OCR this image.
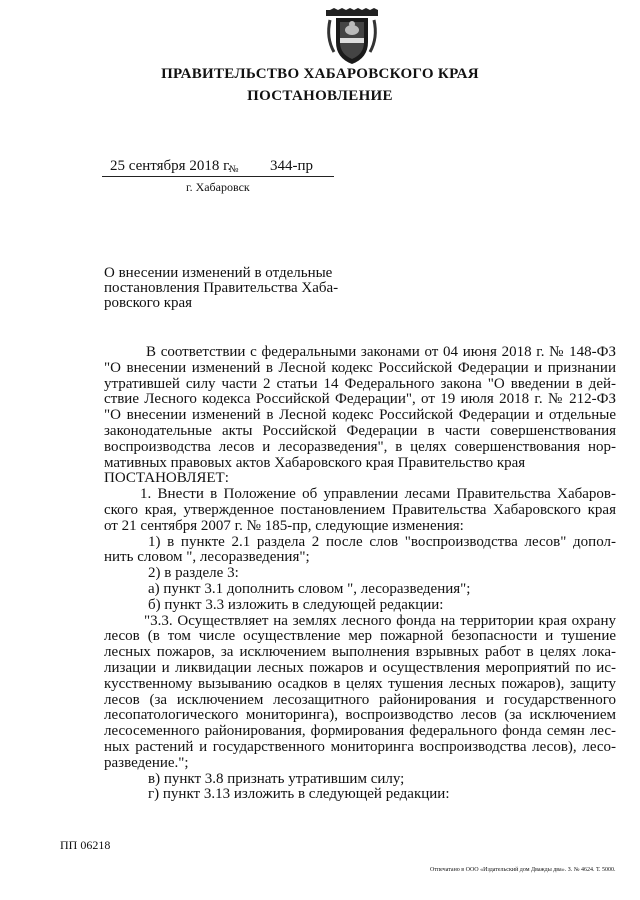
ПРАВИТЕЛЬСТВО ХАБАРОВСКОГО КРАЯ
ПОСТАНОВЛЕНИЕ
25 сентября 2018 г.
№ 344-пр
г. Хабаровск
О внесении изменений в отдельные
постановления Правительства Хаба-
ровского края
В соответствии с федеральными законами от 04 июня 2018 г. № 148-ФЗ
"О внесении изменений в Лесной кодекс Российской Федерации и признании
утратившей силу части 2 статьи 14 Федерального закона "О введении в дей-
ствие Лесного кодекса Российской Федерации", от 19 июля 2018 г. № 212-ФЗ
"О внесении изменений в Лесной кодекс Российской Федерации и отдельные
законодательные акты Российской Федерации в части совершенствования
воспроизводства лесов и лесоразведения", в целях совершенствования нор-
мативных правовых актов Хабаровского края Правительство края
ПОСТАНОВЛЯЕТ:
1. Внести в Положение об управлении лесами Правительства Хабаров-
ского края, утвержденное постановлением Правительства Хабаровского края
от 21 сентября 2007 г. № 185-пр, следующие изменения:
1) в пункте 2.1 раздела 2 после слов "воспроизводства лесов" допол-
нить словом ", лесоразведения";
2) в разделе 3:
а) пункт 3.1 дополнить словом ", лесоразведения";
б) пункт 3.3 изложить в следующей редакции:
"3.3. Осуществляет на землях лесного фонда на территории края охрану
лесов (в том числе осуществление мер пожарной безопасности и тушение
лесных пожаров, за исключением выполнения взрывных работ в целях лока-
лизации и ликвидации лесных пожаров и осуществления мероприятий по ис-
кусственному вызыванию осадков в целях тушения лесных пожаров), защиту
лесов (за исключением лесозащитного районирования и государственного
лесопатологического мониторинга), воспроизводство лесов (за исключением
лесосеменного районирования, формирования федерального фонда семян лес-
ных растений и государственного мониторинга воспроизводства лесов), лесо-
разведение.";
в) пункт 3.8 признать утратившим силу;
г) пункт 3.13 изложить в следующей редакции:
ПП 06218
Отпечатано в ООО «Издательский дом Дважды два». З. № 4624. Т. 5000.
